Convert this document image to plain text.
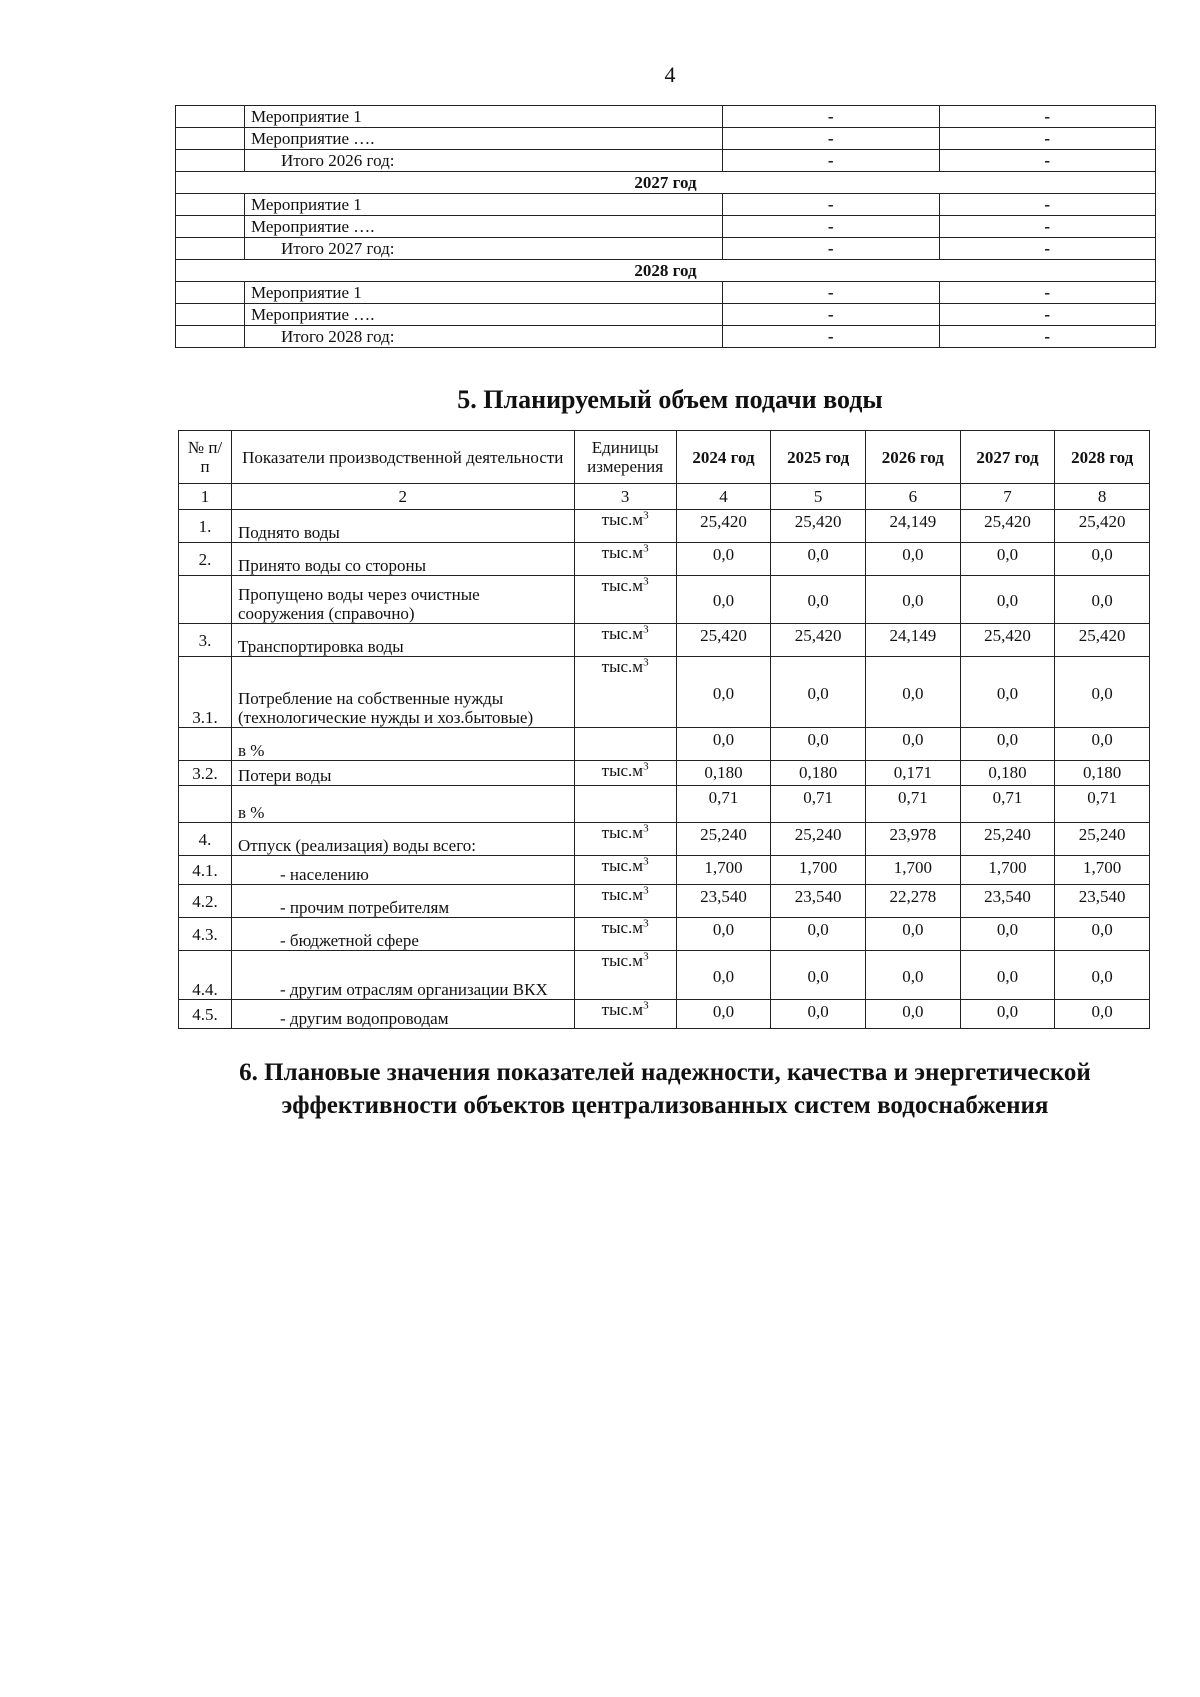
4
	Мероприятие 1	-	-
	Мероприятие ….	-	-
	Итого 2026 год:	-	-
2027 год			
	Мероприятие 1	-	-
	Мероприятие ….	-	-
	Итого 2027 год:	-	-
2028 год			
	Мероприятие 1	-	-
	Мероприятие ….	-	-
	Итого 2028 год:	-	-
5. Планируемый объем подачи воды
№ п/п	Показатели производственной деятельности	Единицы измерения	2024 год	2025 год	2026 год	2027 год	2028 год
1	2	3	4	5	6	7	8
1.	Поднято воды	$тыс.м^3$	25,420	25,420	24,149	25,420	25,420
2.	Принято воды со стороны	$тыс.м^3$	0,0	0,0	0,0	0,0	0,0
	Пропущено воды через очистные сооружения (справочно)	$тыс.м^3$	0,0	0,0	0,0	0,0	0,0
3.	Транспортировка воды	$тыс.м^3$	25,420	25,420	24,149	25,420	25,420
3.1.	Потребление на собственные нужды (технологические нужды и хоз.бытовые)	$тыс.м^3$	0,0	0,0	0,0	0,0	0,0
	в %		0,0	0,0	0,0	0,0	0,0
3.2.	Потери воды	$тыс.м^3$	0,180	0,180	0,171	0,180	0,180
	в %		0,71	0,71	0,71	0,71	0,71
4.	Отпуск (реализация) воды всего:	$тыс.м^3$	25,240	25,240	23,978	25,240	25,240
4.1.	- населению	$тыс.м^3$	1,700	1,700	1,700	1,700	1,700
4.2.	- прочим потребителям	$тыс.м^3$	23,540	23,540	22,278	23,540	23,540
4.3.	- бюджетной сфере	$тыс.м^3$	0,0	0,0	0,0	0,0	0,0
4.4.	- другим отраслям организации ВКХ	$тыс.м^3$	0,0	0,0	0,0	0,0	0,0
4.5.	- другим водопроводам	$тыс.м^3$	0,0	0,0	0,0	0,0	0,0
6. Плановые значения показателей надежности, качества и энергетической эффективности объектов централизованных систем водоснабжения
